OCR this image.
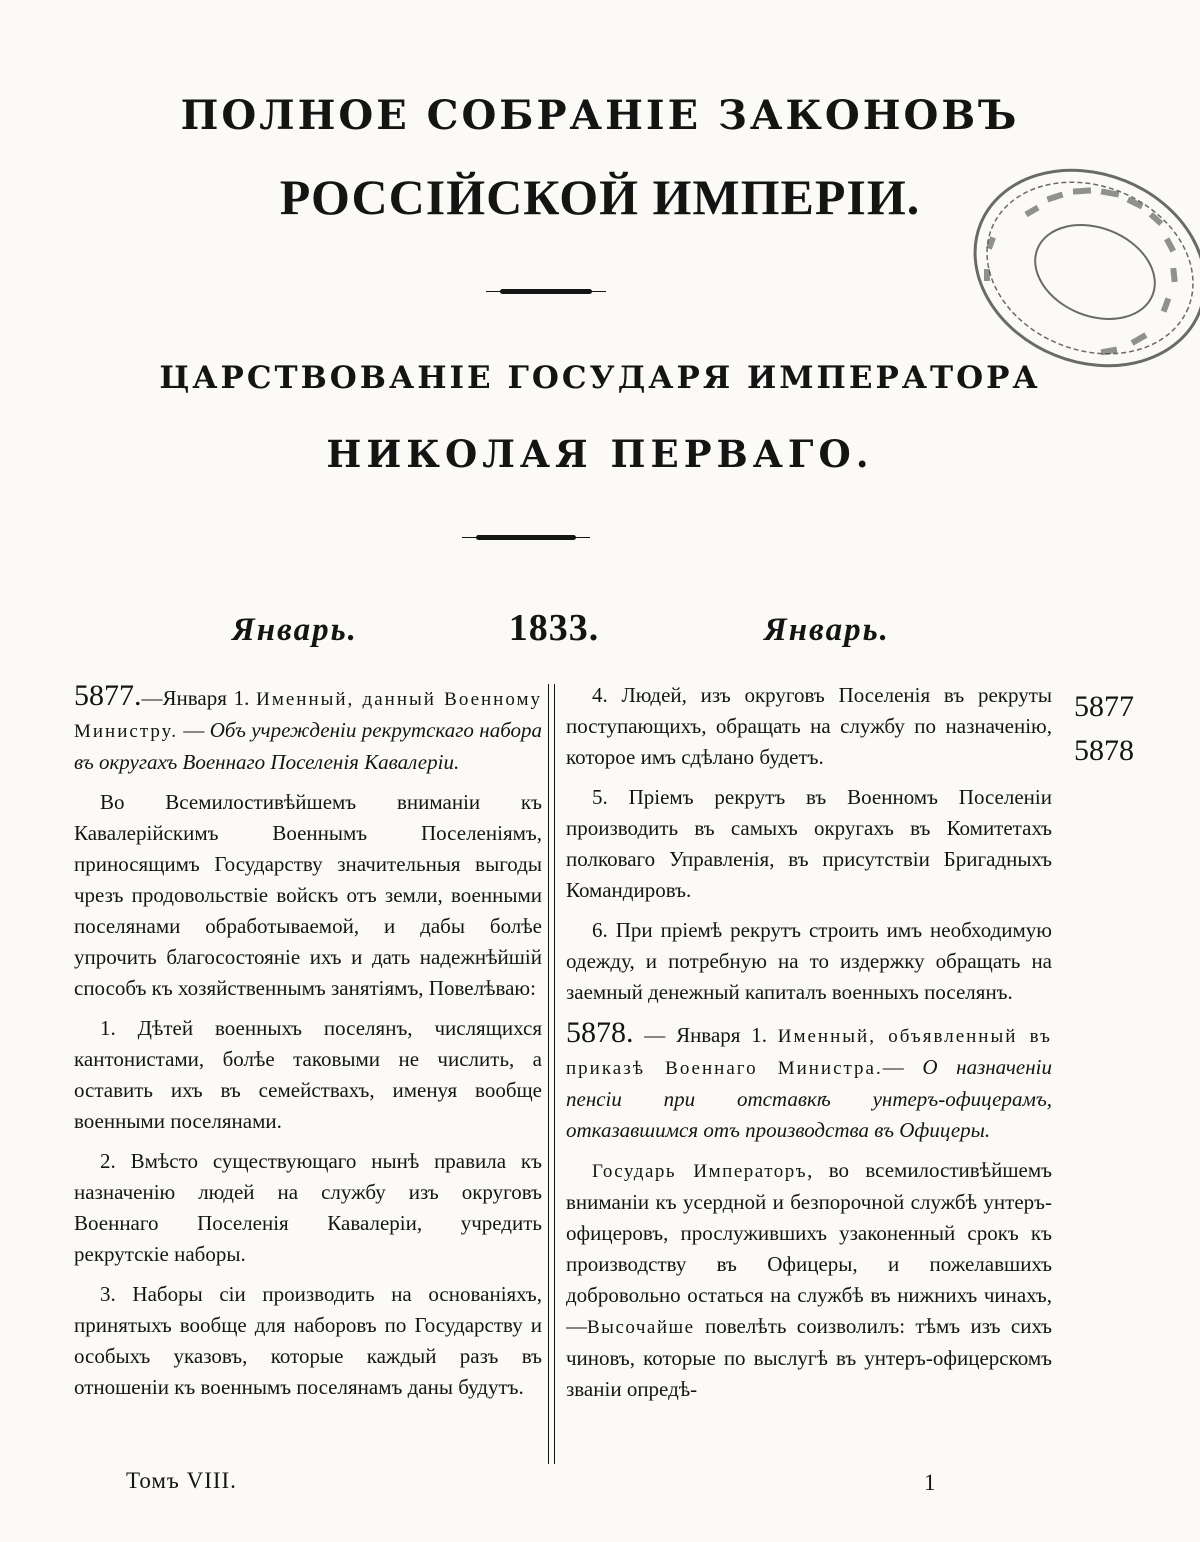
ПОЛНОЕ СОБРАНІЕ ЗАКОНОВЪ
РОССІЙСКОЙ ИМПЕРІИ.
ЦАРСТВОВАНІЕ ГОСУДАРЯ ИМПЕРАТОРА
НИКОЛАЯ ПЕРВАГО.
Январь.	1833.	Январь.

5877.—Января 1. Именный, данный Военному Министру. — Объ учрежденіи рекрутскаго набора въ округахъ Военнаго Поселенія Кавалеріи.

Во Всемилостивѣйшемъ вниманіи къ Кавалерійскимъ Военнымъ Поселеніямъ, приносящимъ Государству значительныя выгоды чрезъ продовольствіе войскъ отъ земли, военными поселянами обработываемой, и дабы болѣе упрочить благосостояніе ихъ и дать надежнѣйшій способъ къ хозяйственнымъ занятіямъ, Повелѣваю:

1. Дѣтей военныхъ поселянъ, числящихся кантонистами, болѣе таковыми не числить, а оставить ихъ въ семействахъ, именуя вообще военными поселянами.

2. Вмѣсто существующаго нынѣ правила къ назначенію людей на службу изъ округовъ Военнаго Поселенія Кавалеріи, учредить рекрутскіе наборы.

3. Наборы сіи производить на основаніяхъ, принятыхъ вообще для наборовъ по Государству и особыхъ указовъ, которые каждый разъ въ отношеніи къ военнымъ поселянамъ даны будутъ.

4. Людей, изъ округовъ Поселенія въ рекруты поступающихъ, обращать на службу по назначенію, которое имъ сдѣлано будетъ.

5. Пріемъ рекрутъ въ Военномъ Поселеніи производить въ самыхъ округахъ въ Комитетахъ полковаго Управленія, въ присутствіи Бригадныхъ Командировъ.

6. При пріемѣ рекрутъ строить имъ необходимую одежду, и потребную на то издержку обращать на заемный денежный капиталъ военныхъ поселянъ.

5878. — Января 1. Именный, объявленный въ приказѣ Военнаго Министра.— О назначеніи пенсіи при отставкѣ унтеръ-офицерамъ, отказавшимся отъ производства въ Офицеры.

Государь Императоръ, во всемилостивѣйшемъ вниманіи къ усердной и безпорочной службѣ унтеръ-офицеровъ, прослужившихъ узаконенный срокъ къ производству въ Офицеры, и пожелавшихъ добровольно остаться на службѣ въ нижнихъ чинахъ,—Высочайше повелѣть соизволилъ: тѣмъ изъ сихъ чиновъ, которые по выслугѣ въ унтеръ-офицерскомъ званіи опредѣ-

5877
5878
Томъ VIII.	1
